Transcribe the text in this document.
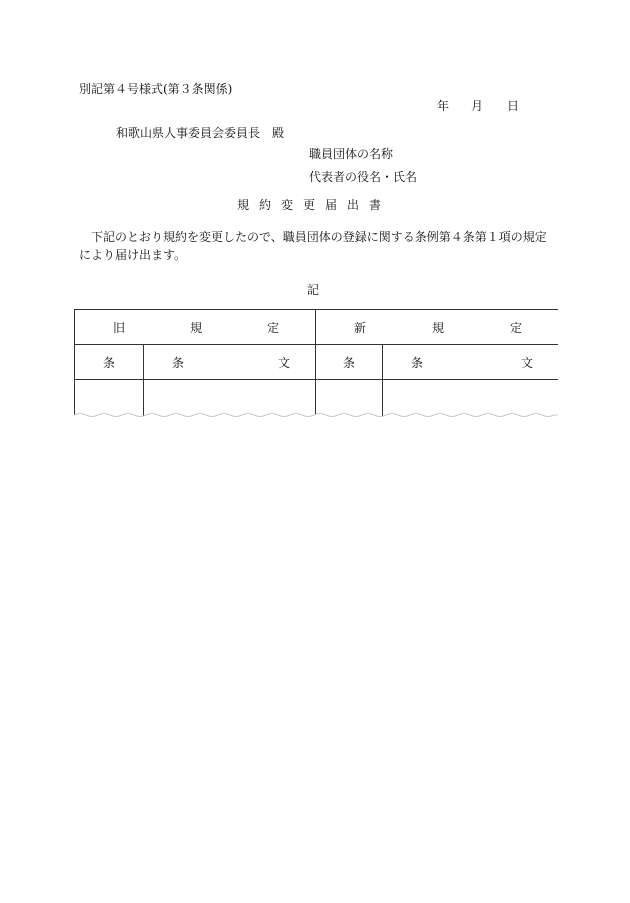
別記第４号様式(第３条関係)
年 月 日
和歌山県人事委員会委員長　殿
職員団体の名称
代表者の役名・氏名
規約変更届出書
下記のとおり規約を変更したので、職員団体の登録に関する条例第４条第１項の規定により届け出ます。
記
旧 規 定		新 規 定	

条	条 文	条	条 文
